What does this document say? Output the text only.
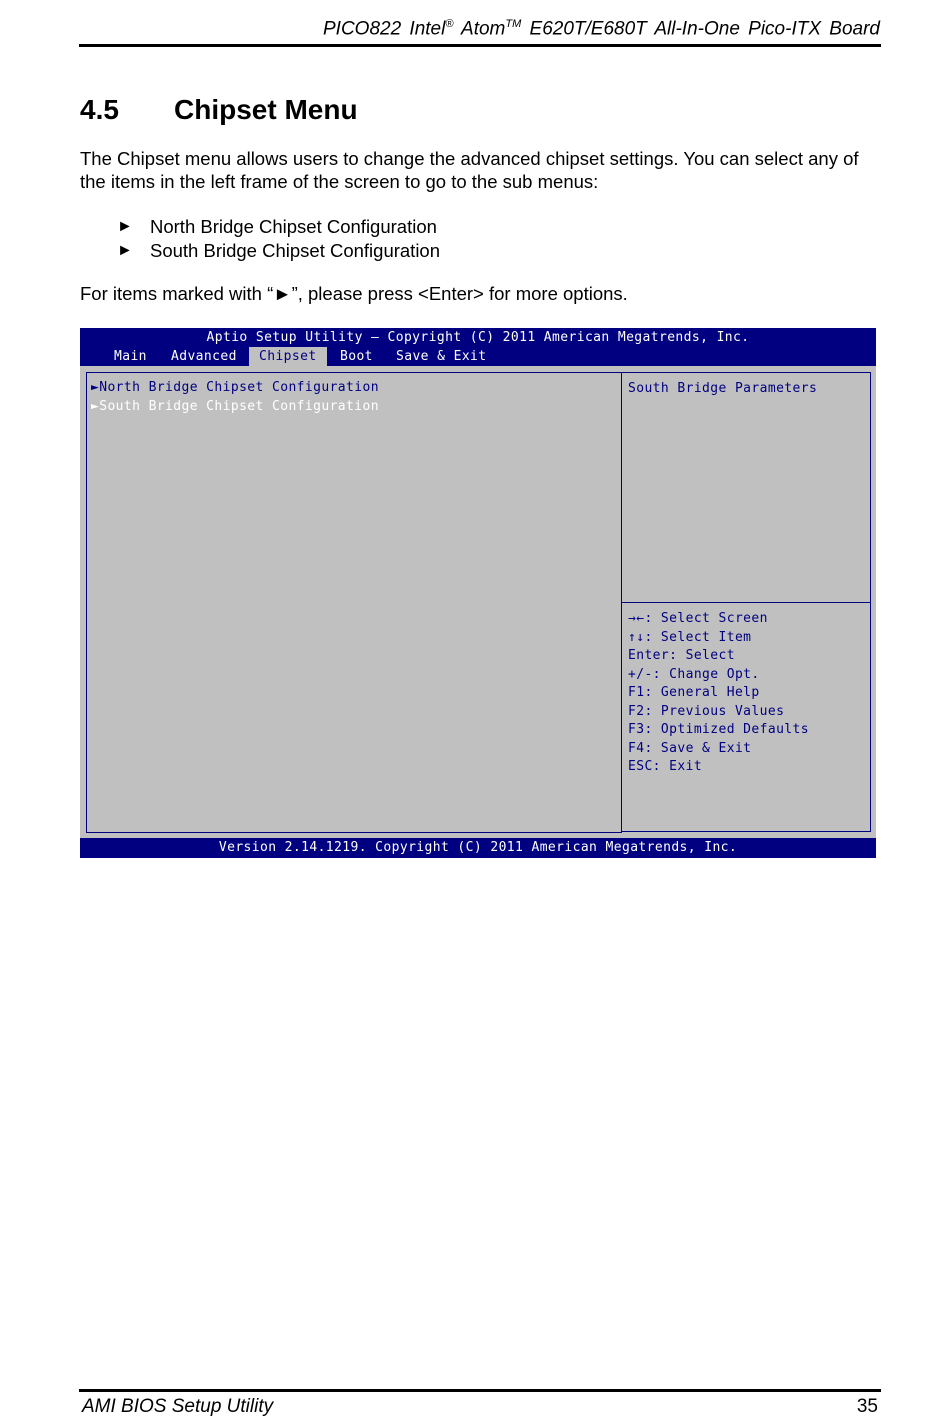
PICO822 Intel® Atom™ E620T/E680T All-In-One Pico-ITX Board
4.5 Chipset Menu
The Chipset menu allows users to change the advanced chipset settings. You can select any of the items in the left frame of the screen to go to the sub menus:
► North Bridge Chipset Configuration
► South Bridge Chipset Configuration
For items marked with “►”, please press <Enter> for more options.
Aptio Setup Utility – Copyright (C) 2011 American Megatrends, Inc.
Main Advanced	Chipset	Boot Save & Exit
►North Bridge Chipset Configuration
►South Bridge Chipset Configuration
South Bridge Parameters
→←: Select Screen
↑↓: Select Item
Enter: Select
+/-: Change Opt.
F1: General Help
F2: Previous Values
F3: Optimized Defaults
F4: Save & Exit
ESC: Exit
Version 2.14.1219. Copyright (C) 2011 American Megatrends, Inc.
AMI BIOS Setup Utility	35
